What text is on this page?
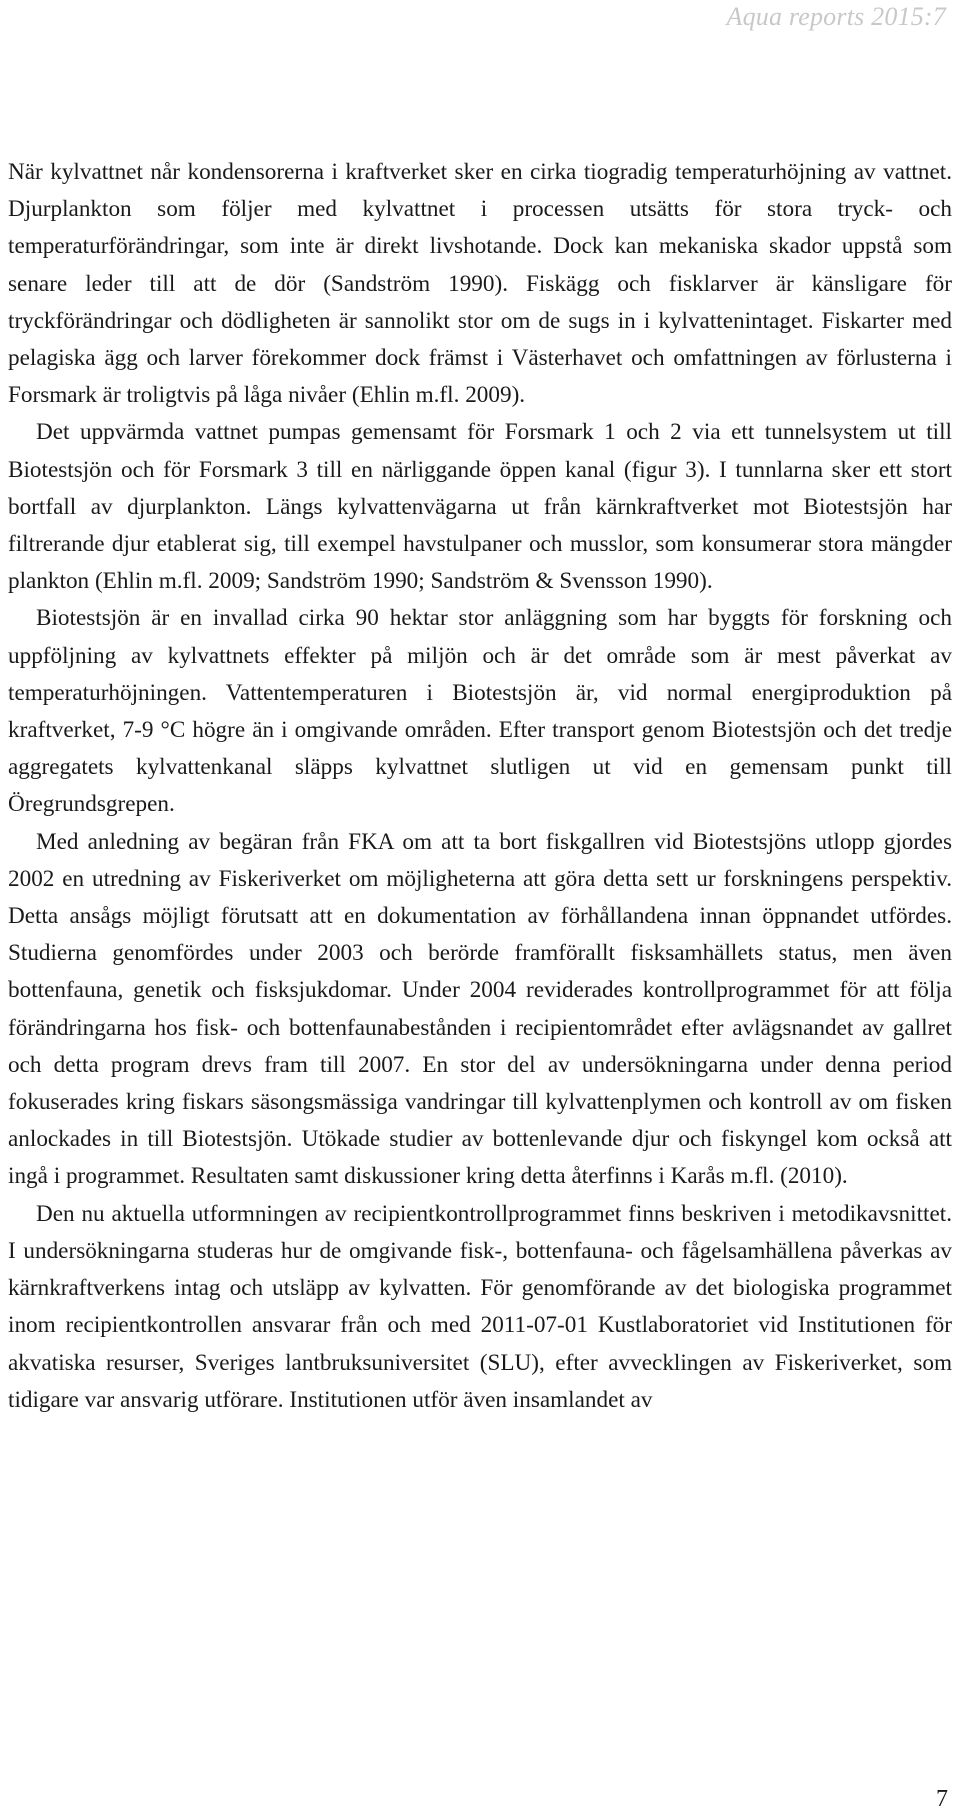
Aqua reports 2015:7

När kylvattnet når kondensorerna i kraftverket sker en cirka tiogradig temperaturhöjning av vattnet. Djurplankton som följer med kylvattnet i processen utsätts för stora tryck- och temperaturförändringar, som inte är direkt livshotande. Dock kan mekaniska skador uppstå som senare leder till att de dör (Sandström 1990). Fiskägg och fisklarver är känsligare för tryckförändringar och dödligheten är sannolikt stor om de sugs in i kylvattenintaget. Fiskarter med pelagiska ägg och larver förekommer dock främst i Västerhavet och omfattningen av förlusterna i Forsmark är troligtvis på låga nivåer (Ehlin m.fl. 2009).

Det uppvärmda vattnet pumpas gemensamt för Forsmark 1 och 2 via ett tunnelsystem ut till Biotestsjön och för Forsmark 3 till en närliggande öppen kanal (figur 3). I tunnlarna sker ett stort bortfall av djurplankton. Längs kylvattenvägarna ut från kärnkraftverket mot Biotestsjön har filtrerande djur etablerat sig, till exempel havstulpaner och musslor, som konsumerar stora mängder plankton (Ehlin m.fl. 2009; Sandström 1990; Sandström & Svensson 1990).

Biotestsjön är en invallad cirka 90 hektar stor anläggning som har byggts för forskning och uppföljning av kylvattnets effekter på miljön och är det område som är mest påverkat av temperaturhöjningen. Vattentemperaturen i Biotestsjön är, vid normal energiproduktion på kraftverket, 7-9 °C högre än i omgivande områden. Efter transport genom Biotestsjön och det tredje aggregatets kylvattenkanal släpps kylvattnet slutligen ut vid en gemensam punkt till Öregrundsgrepen.

Med anledning av begäran från FKA om att ta bort fiskgallren vid Biotestsjöns utlopp gjordes 2002 en utredning av Fiskeriverket om möjligheterna att göra detta sett ur forskningens perspektiv. Detta ansågs möjligt förutsatt att en dokumentation av förhållandena innan öppnandet utfördes. Studierna genomfördes under 2003 och berörde framförallt fisksamhällets status, men även bottenfauna, genetik och fisksjukdomar. Under 2004 reviderades kontrollprogrammet för att följa förändringarna hos fisk- och bottenfaunabestånden i recipientområdet efter avlägsnandet av gallret och detta program drevs fram till 2007. En stor del av undersökningarna under denna period fokuserades kring fiskars säsongsmässiga vandringar till kylvattenplymen och kontroll av om fisken anlockades in till Biotestsjön. Utökade studier av bottenlevande djur och fiskyngel kom också att ingå i programmet. Resultaten samt diskussioner kring detta återfinns i Karås m.fl. (2010).

Den nu aktuella utformningen av recipientkontrollprogrammet finns beskriven i metodikavsnittet. I undersökningarna studeras hur de omgivande fisk-, bottenfauna- och fågelsamhällena påverkas av kärnkraftverkens intag och utsläpp av kylvatten. För genomförande av det biologiska programmet inom recipientkontrollen ansvarar från och med 2011-07-01 Kustlaboratoriet vid Institutionen för akvatiska resurser, Sveriges lantbruksuniversitet (SLU), efter avvecklingen av Fiskeriverket, som tidigare var ansvarig utförare. Institutionen utför även insamlandet av

7
